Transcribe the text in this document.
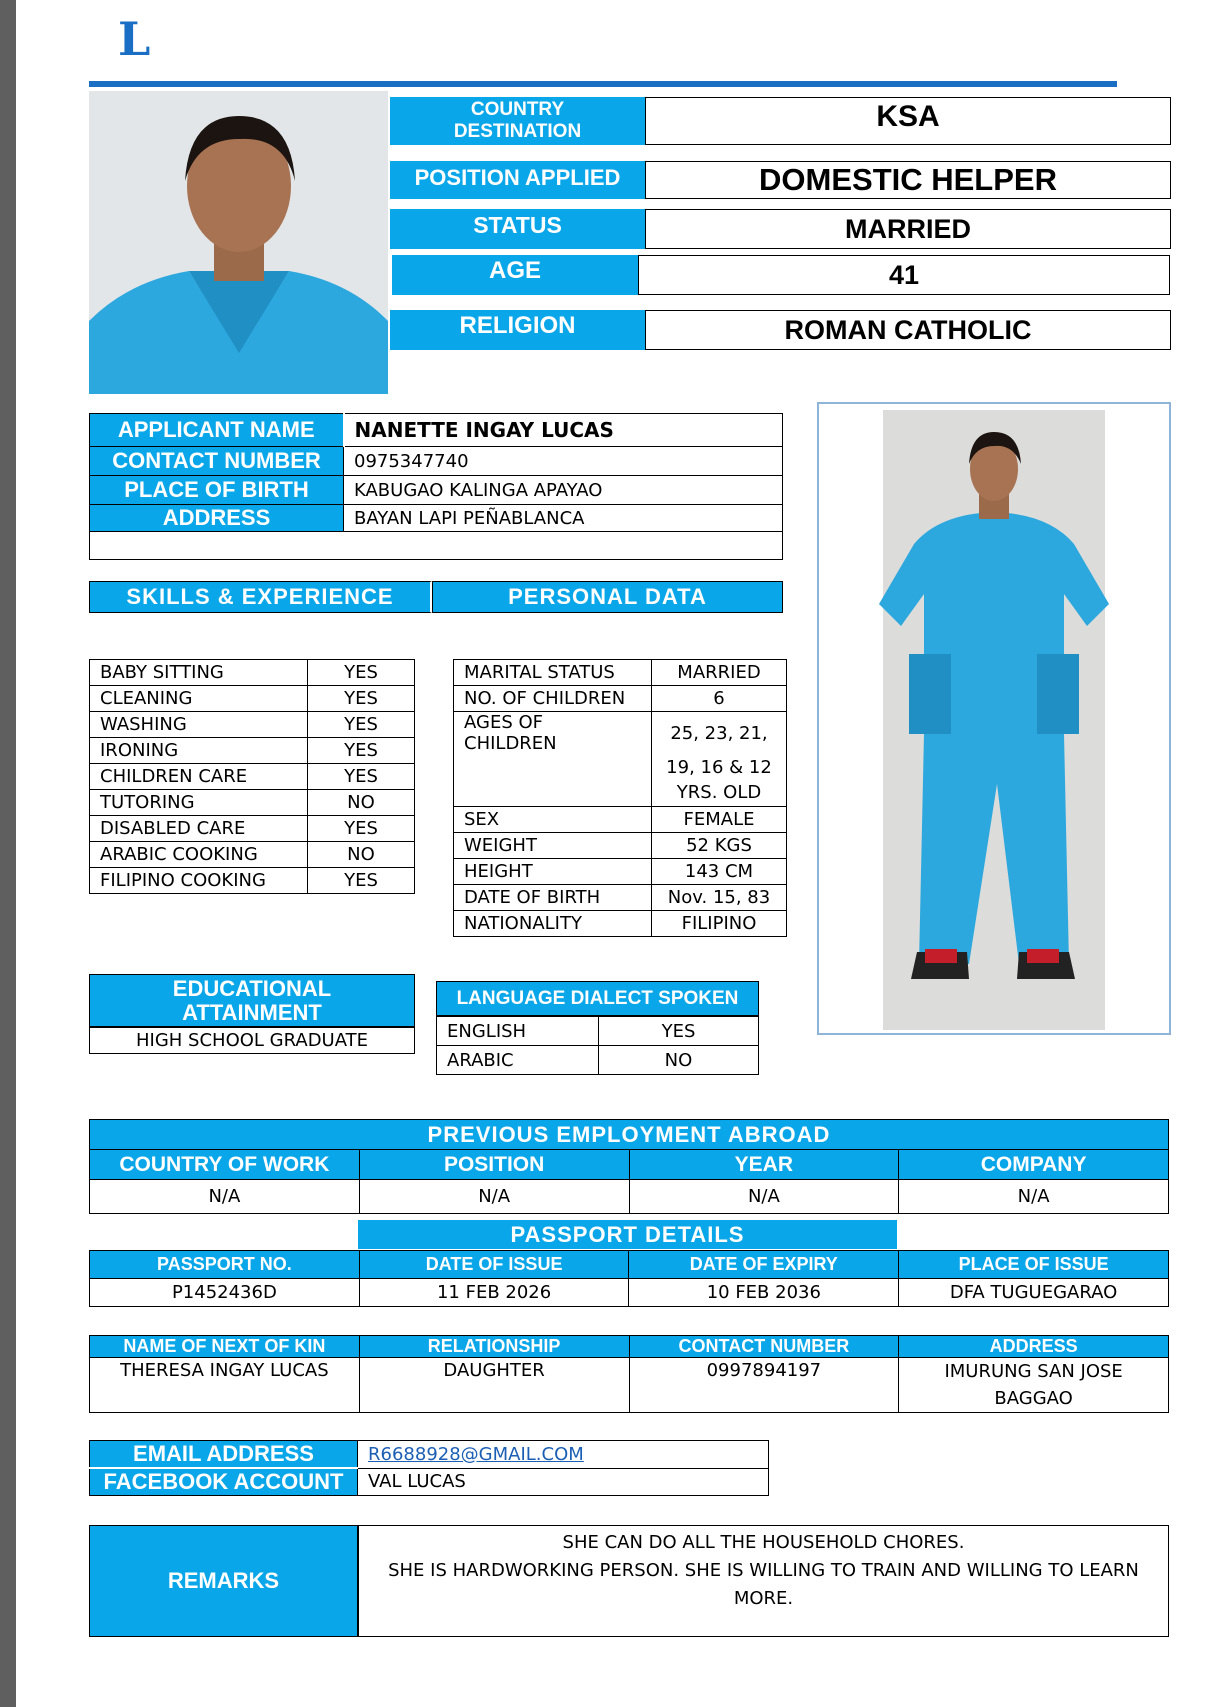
L
COUNTRY DESTINATION	KSA
POSITION APPLIED	DOMESTIC HELPER
STATUS	MARRIED
AGE	41
RELIGION	ROMAN CATHOLIC
APPLICANT NAME	NANETTE INGAY LUCAS
CONTACT NUMBER	0975347740
PLACE OF BIRTH	KABUGAO KALINGA APAYAO
ADDRESS	BAYAN LAPI PEÑABLANCA

SKILLS & EXPERIENCE	PERSONAL DATA
BABY SITTING	YES
CLEANING	YES
WASHING	YES
IRONING	YES
CHILDREN CARE	YES
TUTORING	NO
DISABLED CARE	YES
ARABIC COOKING	NO
FILIPINO COOKING	YES
MARITAL STATUS	MARRIED
NO. OF CHILDREN	6
AGES OF CHILDREN	25, 23, 21,
	19, 16 & 12
	YRS. OLD
SEX	FEMALE
WEIGHT	52 KGS
HEIGHT	143 CM
DATE OF BIRTH	Nov. 15, 83
NATIONALITY	FILIPINO
EDUCATIONAL
ATTAINMENT
HIGH SCHOOL GRADUATE
LANGUAGE DIALECT SPOKEN
ENGLISH	YES
ARABIC	NO
PREVIOUS EMPLOYMENT ABROAD			
COUNTRY OF WORK	POSITION	YEAR	COMPANY
N/A	N/A	N/A	N/A
PASSPORT DETAILS
PASSPORT NO.	DATE OF ISSUE	DATE OF EXPIRY	PLACE OF ISSUE
P1452436D	11 FEB 2026	10 FEB 2036	DFA TUGUEGARAO
NAME OF NEXT OF KIN	RELATIONSHIP	CONTACT NUMBER	ADDRESS
THERESA INGAY LUCAS	DAUGHTER	0997894197	IMURUNG SAN JOSE
BAGGAO
EMAIL ADDRESS	R6688928@GMAIL.COM
FACEBOOK ACCOUNT	VAL LUCAS
REMARKS
SHE CAN DO ALL THE HOUSEHOLD CHORES.
SHE IS HARDWORKING PERSON. SHE IS WILLING TO TRAIN AND WILLING TO LEARN
MORE.
